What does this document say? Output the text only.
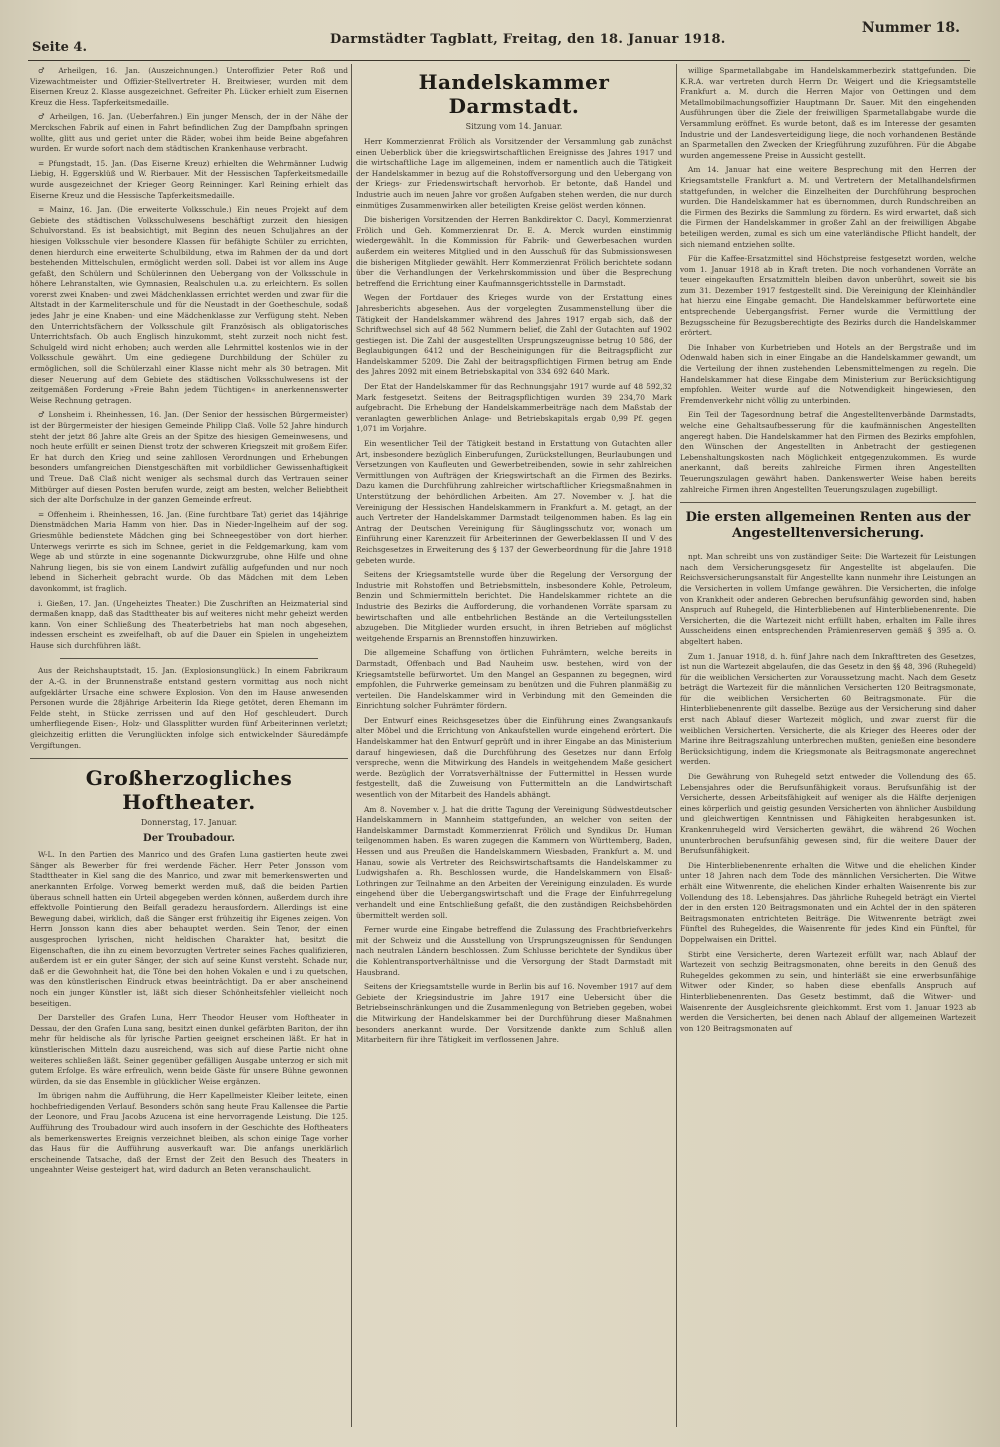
Seite 4.
Darmstädter Tagblatt, Freitag, den 18. Januar 1918.
Nummer 18.

♂ Arheilgen, 16. Jan. (Auszeichnungen.) Unteroffizier Peter Roß und Vizewachtmeister und Offizier-Stellvertreter H. Breitwieser, wurden mit dem Eisernen Kreuz 2. Klasse ausgezeichnet. Gefreiter Ph. Lücker erhielt zum Eisernen Kreuz die Hess. Tapferkeitsmedaille.

♂ Arheilgen, 16. Jan. (Ueberfahren.) Ein junger Mensch, der in der Nähe der Merckschen Fabrik auf einen in Fahrt befindlichen Zug der Dampfbahn springen wollte, glitt aus und geriet unter die Räder, wobei ihm beide Beine abgefahren wurden. Er wurde sofort nach dem städtischen Krankenhause verbracht.

= Pfungstadt, 15. Jan. (Das Eiserne Kreuz) erhielten die Wehrmänner Ludwig Liebig, H. Eggersklüß und W. Rierbauer. Mit der Hessischen Tapferkeitsmedaille wurde ausgezeichnet der Krieger Georg Reinninger. Karl Reining erhielt das Eiserne Kreuz und die Hessische Tapferkeitsmedaille.

= Mainz, 16. Jan. (Die erweiterte Volksschule.) Ein neues Projekt auf dem Gebiete des städtischen Volksschulwesens beschäftigt zurzeit den hiesigen Schulvorstand. Es ist beabsichtigt, mit Beginn des neuen Schuljahres an der hiesigen Volksschule vier besondere Klassen für befähigte Schüler zu errichten, denen hierdurch eine erweiterte Schulbildung, etwa im Rahmen der da und dort bestehenden Mittelschulen, ermöglicht werden soll. Dabei ist vor allem ins Auge gefaßt, den Schülern und Schülerinnen den Uebergang von der Volksschule in höhere Lehranstalten, wie Gymnasien, Realschulen u.a. zu erleichtern. Es sollen vorerst zwei Knaben- und zwei Mädchenklassen errichtet werden und zwar für die Altstadt in der Karmeliterschule und für die Neustadt in der Goetheschule, sodaß jedes Jahr je eine Knaben- und eine Mädchenklasse zur Verfügung steht. Neben den Unterrichtsfächern der Volksschule gilt Französisch als obligatorisches Unterrichtsfach. Ob auch Englisch hinzukommt, steht zurzeit noch nicht fest. Schulgeld wird nicht erhoben; auch werden alle Lehrmittel kostenlos wie in der Volksschule gewährt. Um eine gediegene Durchbildung der Schüler zu ermöglichen, soll die Schülerzahl einer Klasse nicht mehr als 30 betragen. Mit dieser Neuerung auf dem Gebiete des städtischen Volksschulwesens ist der zeitgemäßen Forderung »Freie Bahn jedem Tüchtigen« in anerkennenswerter Weise Rechnung getragen.

♂ Lonsheim i. Rheinhessen, 16. Jan. (Der Senior der hessischen Bürgermeister) ist der Bürgermeister der hiesigen Gemeinde Philipp Claß. Volle 52 Jahre hindurch steht der jetzt 86 Jahre alte Greis an der Spitze des hiesigen Gemeinwesens, und noch heute erfüllt er seinen Dienst trotz der schweren Kriegszeit mit großem Eifer. Er hat durch den Krieg und seine zahllosen Verordnungen und Erhebungen besonders umfangreichen Dienstgeschäften mit vorbildlicher Gewissenhaftigkeit und Treue. Daß Claß nicht weniger als sechsmal durch das Vertrauen seiner Mitbürger auf diesen Posten berufen wurde, zeigt am besten, welcher Beliebtheit sich der alte Dorfschulze in der ganzen Gemeinde erfreut.

= Offenheim i. Rheinhessen, 16. Jan. (Eine furchtbare Tat) geriet das 14jährige Dienstmädchen Maria Hamm von hier. Das in Nieder-Ingelheim auf der sog. Griesmühle bedienstete Mädchen ging bei Schneegestöber von dort hierher. Unterwegs verirrte es sich im Schnee, geriet in die Feldgemarkung, kam vom Wege ab und stürzte in eine sogenannte Dickwurzgrube, ohne Hilfe und ohne Nahrung liegen, bis sie von einem Landwirt zufällig aufgefunden und nur noch lebend in Sicherheit gebracht wurde. Ob das Mädchen mit dem Leben davonkommt, ist fraglich.

i. Gießen, 17. Jan. (Ungeheiztes Theater.) Die Zuschriften an Heizmaterial sind dermaßen knapp, daß das Stadttheater bis auf weiteres nicht mehr geheizt werden kann. Von einer Schließung des Theaterbetriebs hat man noch abgesehen, indessen erscheint es zweifelhaft, ob auf die Dauer ein Spielen in ungeheiztem Hause sich durchführen läßt.

Aus der Reichshauptstadt, 15. Jan. (Explosionsunglück.) In einem Fabrikraum der A.-G. in der Brunnenstraße entstand gestern vormittag aus noch nicht aufgeklärter Ursache eine schwere Explosion. Von den im Hause anwesenden Personen wurde die 28jährige Arbeiterin Ida Riege getötet, deren Ehemann im Felde steht, in Stücke zerrissen und auf den Hof geschleudert. Durch umherfliegende Eisen-, Holz- und Glassplitter wurden fünf Arbeiterinnen verletzt; gleichzeitig erlitten die Verunglückten infolge sich entwickelnder Säuredämpfe Vergiftungen.

Großherzogliches Hoftheater.
Donnerstag, 17. Januar.
Der Troubadour.

W-L. In den Partien des Manrico und des Grafen Luna gastierten heute zwei Sänger als Bewerber für frei werdende Fächer. Herr Peter Jonsson vom Stadttheater in Kiel sang die des Manrico, und zwar mit bemerkenswerten und anerkannten Erfolge. Vorweg bemerkt werden muß, daß die beiden Partien überaus schnell hatten ein Urteil abgegeben werden können, außerdem durch ihre effektvolle Pointierung den Beifall geradezu herausfordern. Allerdings ist eine Bewegung dabei, wirklich, daß die Sänger erst frühzeitig ihr Eigenes zeigen. Von Herrn Jonsson kann dies aber behauptet werden. Sein Tenor, der einen ausgesprochen lyrischen, nicht heldischen Charakter hat, besitzt die Eigenschaften, die ihn zu einem bevorzugten Vertreter seines Faches qualifizieren, außerdem ist er ein guter Sänger, der sich auf seine Kunst versteht. Schade nur, daß er die Gewohnheit hat, die Töne bei den hohen Vokalen e und i zu quetschen, was den künstlerischen Eindruck etwas beeinträchtigt. Da er aber anscheinend noch ein junger Künstler ist, läßt sich dieser Schönheitsfehler vielleicht noch beseitigen.

Der Darsteller des Grafen Luna, Herr Theodor Heuser vom Hoftheater in Dessau, der den Grafen Luna sang, besitzt einen dunkel gefärbten Bariton, der ihn mehr für heldische als für lyrische Partien geeignet erscheinen läßt. Er hat in künstlerischen Mitteln dazu ausreichend, was sich auf diese Partie nicht ohne weiteres schließen läßt. Seiner gegenüber gefälligen Ausgabe unterzog er sich mit gutem Erfolge. Es wäre erfreulich, wenn beide Gäste für unsere Bühne gewonnen würden, da sie das Ensemble in glücklicher Weise ergänzen.

Im übrigen nahm die Aufführung, die Herr Kapellmeister Kleiber leitete, einen hochbefriedigenden Verlauf. Besonders schön sang heute Frau Kallensee die Partie der Leonore, und Frau Jacobs Azucena ist eine hervorragende Leistung. Die 125. Aufführung des Troubadour wird auch insofern in der Geschichte des Hoftheaters als bemerkenswertes Ereignis verzeichnet bleiben, als schon einige Tage vorher das Haus für die Aufführung ausverkauft war. Die anfangs unerklärlich erscheinende Tatsache, daß der Ernst der Zeit den Besuch des Theaters in ungeahnter Weise gesteigert hat, wird dadurch an Beten veranschaulicht.

Handelskammer Darmstadt.
Sitzung vom 14. Januar.

Herr Kommerzienrat Frölich als Vorsitzender der Versammlung gab zunächst einen Ueberblick über die kriegswirtschaftlichen Ereignisse des Jahres 1917 und die wirtschaftliche Lage im allgemeinen, indem er namentlich auch die Tätigkeit der Handelskammer in bezug auf die Rohstoffversorgung und den Uebergang von der Kriegs- zur Friedenswirtschaft hervorhob. Er betonte, daß Handel und Industrie auch im neuen Jahre vor großen Aufgaben stehen werden, die nur durch einmütiges Zusammenwirken aller beteiligten Kreise gelöst werden können.

Die bisherigen Vorsitzenden der Herren Bankdirektor C. Dacyl, Kommerzienrat Frölich und Geh. Kommerzienrat Dr. E. A. Merck wurden einstimmig wiedergewählt. In die Kommission für Fabrik- und Gewerbesachen wurden außerdem ein weiteres Mitglied und in den Ausschuß für das Submissionswesen die bisherigen Mitglieder gewählt. Herr Kommerzienrat Frölich berichtete sodann über die Verhandlungen der Verkehrskommission und über die Besprechung betreffend die Errichtung einer Kaufmannsgerichtsstelle in Darmstadt.

Wegen der Fortdauer des Krieges wurde von der Erstattung eines Jahresberichts abgesehen. Aus der vorgelegten Zusammenstellung über die Tätigkeit der Handelskammer während des Jahres 1917 ergab sich, daß der Schriftwechsel sich auf 48 562 Nummern belief, die Zahl der Gutachten auf 1902 gestiegen ist. Die Zahl der ausgestellten Ursprungszeugnisse betrug 10 586, der Beglaubigungen 6412 und der Bescheinigungen für die Beitragspflicht zur Handelskammer 5209. Die Zahl der beitragspflichtigen Firmen betrug am Ende des Jahres 2092 mit einem Betriebskapital von 334 692 640 Mark.

Der Etat der Handelskammer für das Rechnungsjahr 1917 wurde auf 48 592,32 Mark festgesetzt. Seitens der Beitragspflichtigen wurden 39 234,70 Mark aufgebracht. Die Erhebung der Handelskammerbeiträge nach dem Maßstab der veranlagten gewerblichen Anlage- und Betriebskapitals ergab 0,99 Pf. gegen 1,071 im Vorjahre.

Ein wesentlicher Teil der Tätigkeit bestand in Erstattung von Gutachten aller Art, insbesondere bezüglich Einberufungen, Zurückstellungen, Beurlaubungen und Versetzungen von Kaufleuten und Gewerbetreibenden, sowie in sehr zahlreichen Vermittlungen von Aufträgen der Kriegswirtschaft an die Firmen des Bezirks. Dazu kamen die Durchführung zahlreicher wirtschaftlicher Kriegsmaßnahmen in Unterstützung der behördlichen Arbeiten. Am 27. November v. J. hat die Vereinigung der Hessischen Handelskammern in Frankfurt a. M. getagt, an der auch Vertreter der Handelskammer Darmstadt teilgenommen haben. Es lag ein Antrag der Deutschen Vereinigung für Säuglingsschutz vor, wonach um Einführung einer Karenzzeit für Arbeiterinnen der Gewerbeklassen II und V des Reichsgesetzes in Erweiterung des § 137 der Gewerbeordnung für die Jahre 1918 gebeten wurde.

Seitens der Kriegsamtstelle wurde über die Regelung der Versorgung der Industrie mit Rohstoffen und Betriebsmitteln, insbesondere Kohle, Petroleum, Benzin und Schmiermitteln berichtet. Die Handelskammer richtete an die Industrie des Bezirks die Aufforderung, die vorhandenen Vorräte sparsam zu bewirtschaften und alle entbehrlichen Bestände an die Verteilungsstellen abzugeben. Die Mitglieder wurden ersucht, in ihren Betrieben auf möglichst weitgehende Ersparnis an Brennstoffen hinzuwirken.

Die allgemeine Schaffung von örtlichen Fuhrämtern, welche bereits in Darmstadt, Offenbach und Bad Nauheim usw. bestehen, wird von der Kriegsamtstelle befürwortet. Um den Mangel an Gespannen zu begegnen, wird empfohlen, die Fuhrwerke gemeinsam zu benützen und die Fuhren planmäßig zu verteilen. Die Handelskammer wird in Verbindung mit den Gemeinden die Einrichtung solcher Fuhrämter fördern.

Der Entwurf eines Reichsgesetzes über die Einführung eines Zwangsankaufs alter Möbel und die Errichtung von Ankaufstellen wurde eingehend erörtert. Die Handelskammer hat den Entwurf geprüft und in ihrer Eingabe an das Ministerium darauf hingewiesen, daß die Durchführung des Gesetzes nur dann Erfolg verspreche, wenn die Mitwirkung des Handels in weitgehendem Maße gesichert werde. Bezüglich der Vorratsverhältnisse der Futtermittel in Hessen wurde festgestellt, daß die Zuweisung von Futtermitteln an die Landwirtschaft wesentlich von der Mitarbeit des Handels abhängt.

Am 8. November v. J. hat die dritte Tagung der Vereinigung Südwestdeutscher Handelskammern in Mannheim stattgefunden, an welcher von seiten der Handelskammer Darmstadt Kommerzienrat Frölich und Syndikus Dr. Human teilgenommen haben. Es waren zugegen die Kammern von Württemberg, Baden, Hessen und aus Preußen die Handelskammern Wiesbaden, Frankfurt a. M. und Hanau, sowie als Vertreter des Reichswirtschaftsamts die Handelskammer zu Ludwigshafen a. Rh. Beschlossen wurde, die Handelskammern von Elsaß-Lothringen zur Teilnahme an den Arbeiten der Vereinigung einzuladen. Es wurde eingehend über die Uebergangswirtschaft und die Frage der Einfuhrregelung verhandelt und eine Entschließung gefaßt, die den zuständigen Reichsbehörden übermittelt werden soll.

Ferner wurde eine Eingabe betreffend die Zulassung des Frachtbriefverkehrs mit der Schweiz und die Ausstellung von Ursprungszeugnissen für Sendungen nach neutralen Ländern beschlossen. Zum Schlusse berichtete der Syndikus über die Kohlentransportverhältnisse und die Versorgung der Stadt Darmstadt mit Hausbrand.

Seitens der Kriegsamtstelle wurde in Berlin bis auf 16. November 1917 auf dem Gebiete der Kriegsindustrie im Jahre 1917 eine Uebersicht über die Betriebseinschränkungen und die Zusammenlegung von Betrieben gegeben, wobei die Mitwirkung der Handelskammer bei der Durchführung dieser Maßnahmen besonders anerkannt wurde. Der Vorsitzende dankte zum Schluß allen Mitarbeitern für ihre Tätigkeit im verflossenen Jahre.

willige Sparmetallabgabe im Handelskammerbezirk stattgefunden. Die K.R.A. war vertreten durch Herrn Dr. Weigert und die Kriegsamtstelle Frankfurt a. M. durch die Herren Major von Oettingen und dem Metallmobilmachungsoffizier Hauptmann Dr. Sauer. Mit den eingehenden Ausführungen über die Ziele der freiwilligen Sparmetallabgabe wurde die Versammlung eröffnet. Es wurde betont, daß es im Interesse der gesamten Industrie und der Landesverteidigung liege, die noch vorhandenen Bestände an Sparmetallen den Zwecken der Kriegführung zuzuführen. Für die Abgabe wurden angemessene Preise in Aussicht gestellt.

Am 14. Januar hat eine weitere Besprechung mit den Herren der Kriegsamtstelle Frankfurt a. M. und Vertretern der Metallhandelsfirmen stattgefunden, in welcher die Einzelheiten der Durchführung besprochen wurden. Die Handelskammer hat es übernommen, durch Rundschreiben an die Firmen des Bezirks die Sammlung zu fördern. Es wird erwartet, daß sich die Firmen der Handelskammer in großer Zahl an der freiwilligen Abgabe beteiligen werden, zumal es sich um eine vaterländische Pflicht handelt, der sich niemand entziehen sollte.

Für die Kaffee-Ersatzmittel sind Höchstpreise festgesetzt worden, welche vom 1. Januar 1918 ab in Kraft treten. Die noch vorhandenen Vorräte an teuer eingekauften Ersatzmitteln bleiben davon unberührt, soweit sie bis zum 31. Dezember 1917 festgestellt sind. Die Vereinigung der Kleinhändler hat hierzu eine Eingabe gemacht. Die Handelskammer befürwortete eine entsprechende Uebergangsfrist. Ferner wurde die Vermittlung der Bezugsscheine für Bezugsberechtigte des Bezirks durch die Handelskammer erörtert.

Die Inhaber von Kurbetrieben und Hotels an der Bergstraße und im Odenwald haben sich in einer Eingabe an die Handelskammer gewandt, um die Verteilung der ihnen zustehenden Lebensmittelmengen zu regeln. Die Handelskammer hat diese Eingabe dem Ministerium zur Berücksichtigung empfohlen. Weiter wurde auf die Notwendigkeit hingewiesen, den Fremdenverkehr nicht völlig zu unterbinden.

Ein Teil der Tagesordnung betraf die Angestelltenverbände Darmstadts, welche eine Gehaltsaufbesserung für die kaufmännischen Angestellten angeregt haben. Die Handelskammer hat den Firmen des Bezirks empfohlen, den Wünschen der Angestellten in Anbetracht der gestiegenen Lebenshaltungskosten nach Möglichkeit entgegenzukommen. Es wurde anerkannt, daß bereits zahlreiche Firmen ihren Angestellten Teuerungszulagen gewährt haben. Dankenswerter Weise haben bereits zahlreiche Firmen ihren Angestellten Teuerungszulagen zugebilligt.

Die ersten allgemeinen Renten aus der Angestelltenversicherung.

npt. Man schreibt uns von zuständiger Seite: Die Wartezeit für Leistungen nach dem Versicherungsgesetz für Angestellte ist abgelaufen. Die Reichsversicherungsanstalt für Angestellte kann nunmehr ihre Leistungen an die Versicherten in vollem Umfange gewähren. Die Versicherten, die infolge von Krankheit oder anderen Gebrechen berufsunfähig geworden sind, haben Anspruch auf Ruhegeld, die Hinterbliebenen auf Hinterbliebenenrente. Die Versicherten, die die Wartezeit nicht erfüllt haben, erhalten im Falle ihres Ausscheidens einen entsprechenden Prämienreserven gemäß § 395 a. O. abgeltert haben.

Zum 1. Januar 1918, d. h. fünf Jahre nach dem Inkrafttreten des Gesetzes, ist nun die Wartezeit abgelaufen, die das Gesetz in den §§ 48, 396 (Ruhegeld) für die weiblichen Versicherten zur Voraussetzung macht. Nach dem Gesetz beträgt die Wartezeit für die männlichen Versicherten 120 Beitragsmonate, für die weiblichen Versicherten 60 Beitragsmonate. Für die Hinterbliebenenrente gilt dasselbe. Bezüge aus der Versicherung sind daher erst nach Ablauf dieser Wartezeit möglich, und zwar zuerst für die weiblichen Versicherten. Versicherte, die als Krieger des Heeres oder der Marine ihre Beitragszahlung unterbrechen mußten, genießen eine besondere Berücksichtigung, indem die Kriegsmonate als Beitragsmonate angerechnet werden.

Die Gewährung von Ruhegeld setzt entweder die Vollendung des 65. Lebensjahres oder die Berufsunfähigkeit voraus. Berufsunfähig ist der Versicherte, dessen Arbeitsfähigkeit auf weniger als die Hälfte derjenigen eines körperlich und geistig gesunden Versicherten von ähnlicher Ausbildung und gleichwertigen Kenntnissen und Fähigkeiten herabgesunken ist. Krankenruhegeld wird Versicherten gewährt, die während 26 Wochen ununterbrochen berufsunfähig gewesen sind, für die weitere Dauer der Berufsunfähigkeit.

Die Hinterbliebenenrente erhalten die Witwe und die ehelichen Kinder unter 18 Jahren nach dem Tode des männlichen Versicherten. Die Witwe erhält eine Witwenrente, die ehelichen Kinder erhalten Waisenrente bis zur Vollendung des 18. Lebensjahres. Das jährliche Ruhegeld beträgt ein Viertel der in den ersten 120 Beitragsmonaten und ein Achtel der in den späteren Beitragsmonaten entrichteten Beiträge. Die Witwenrente beträgt zwei Fünftel des Ruhegeldes, die Waisenrente für jedes Kind ein Fünftel, für Doppelwaisen ein Drittel.

Stirbt eine Versicherte, deren Wartezeit erfüllt war, nach Ablauf der Wartezeit von sechzig Beitragsmonaten, ohne bereits in den Genuß des Ruhegeldes gekommen zu sein, und hinterläßt sie eine erwerbsunfähige Witwer oder Kinder, so haben diese ebenfalls Anspruch auf Hinterbliebenenrenten. Das Gesetz bestimmt, daß die Witwer- und Waisenrente der Ausgleichsrente gleichkommt. Erst vom 1. Januar 1923 ab werden die Versicherten, bei denen nach Ablauf der allgemeinen Wartezeit von 120 Beitragsmonaten auf
